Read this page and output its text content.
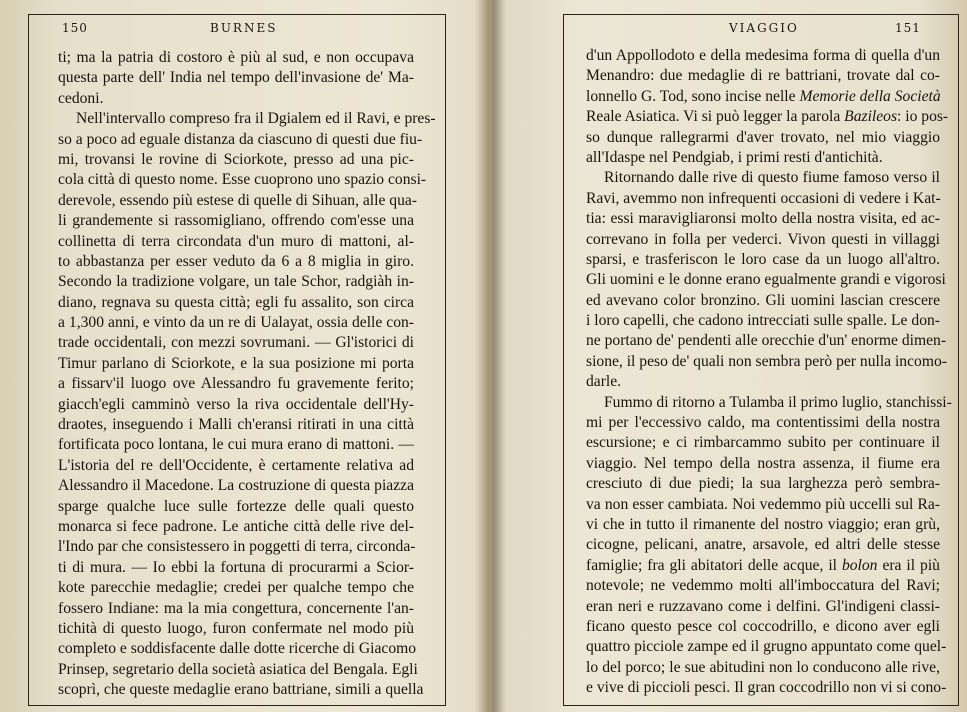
150	BURNES
ti; ma la patria di costoro è più al sud, e non occupava
questa parte dell' India nel tempo dell'invasione de' Ma-
cedoni.
Nell'intervallo compreso fra il Dgialem ed il Ravi, e pres-
so a poco ad eguale distanza da ciascuno di questi due fiu-
mi, trovansi le rovine di Sciorkote, presso ad una pic-
cola città di questo nome. Esse cuoprono uno spazio consi-
derevole, essendo più estese di quelle di Sihuan, alle qua-
li grandemente si rassomigliano, offrendo com'esse una
collinetta di terra circondata d'un muro di mattoni, al-
to abbastanza per esser veduto da 6 a 8 miglia in giro.
Secondo la tradizione volgare, un tale Schor, radgiàh in-
diano, regnava su questa città; egli fu assalito, son circa
a 1,300 anni, e vinto da un re di Ualayat, ossia delle con-
trade occidentali, con mezzi sovrumani. — Gl'istorici di
Timur parlano di Sciorkote, e la sua posizione mi porta
a fissarv'il luogo ove Alessandro fu gravemente ferito;
giacch'egli camminò verso la riva occidentale dell'Hy-
draotes, inseguendo i Malli ch'eransi ritirati in una città
fortificata poco lontana, le cui mura erano di mattoni. —
L'istoria del re dell'Occidente, è certamente relativa ad
Alessandro il Macedone. La costruzione di questa piazza
sparge qualche luce sulle fortezze delle quali questo
monarca si fece padrone. Le antiche città delle rive del-
l'Indo par che consistessero in poggetti di terra, circonda-
ti di mura. — Io ebbi la fortuna di procurarmi a Scior-
kote parecchie medaglie; credei per qualche tempo che
fossero Indiane: ma la mia congettura, concernente l'an-
tichità di questo luogo, furon confermate nel modo più
completo e soddisfacente dalle dotte ricerche di Giacomo
Prinsep, segretario della società asiatica del Bengala. Egli
scoprì, che queste medaglie erano battriane, simili a quella
VIAGGIO	151
d'un Appollodoto e della medesima forma di quella d'un
Menandro: due medaglie di re battriani, trovate dal co-
lonnello G. Tod, sono incise nelle Memorie della Società
Reale Asiatica. Vi si può legger la parola Bazileos: io pos-
so dunque rallegrarmi d'aver trovato, nel mio viaggio
all'Idaspe nel Pendgiab, i primi resti d'antichità.
Ritornando dalle rive di questo fiume famoso verso il
Ravi, avemmo non infrequenti occasioni di vedere i Kat-
tia: essi maravigliaronsi molto della nostra visita, ed ac-
correvano in folla per vederci. Vivon questi in villaggi
sparsi, e trasferiscon le loro case da un luogo all'altro.
Gli uomini e le donne erano egualmente grandi e vigorosi
ed avevano color bronzino. Gli uomini lascian crescere
i loro capelli, che cadono intrecciati sulle spalle. Le don-
ne portano de' pendenti alle orecchie d'un' enorme dimen-
sione, il peso de' quali non sembra però per nulla incomo-
darle.
Fummo di ritorno a Tulamba il primo luglio, stanchissi-
mi per l'eccessivo caldo, ma contentissimi della nostra
escursione; e ci rimbarcammo subito per continuare il
viaggio. Nel tempo della nostra assenza, il fiume era
cresciuto di due piedi; la sua larghezza però sembra-
va non esser cambiata. Noi vedemmo più uccelli sul Ra-
vi che in tutto il rimanente del nostro viaggio; eran grù,
cicogne, pelicani, anatre, arsavole, ed altri delle stesse
famiglie; fra gli abitatori delle acque, il bolon era il più
notevole; ne vedemmo molti all'imboccatura del Ravi;
eran neri e ruzzavano come i delfini. Gl'indigeni classi-
ficano questo pesce col coccodrillo, e dicono aver egli
quattro picciole zampe ed il grugno appuntato come quel-
lo del porco; le sue abitudini non lo conducono alle rive,
e vive di piccioli pesci. Il gran coccodrillo non vi si cono-
